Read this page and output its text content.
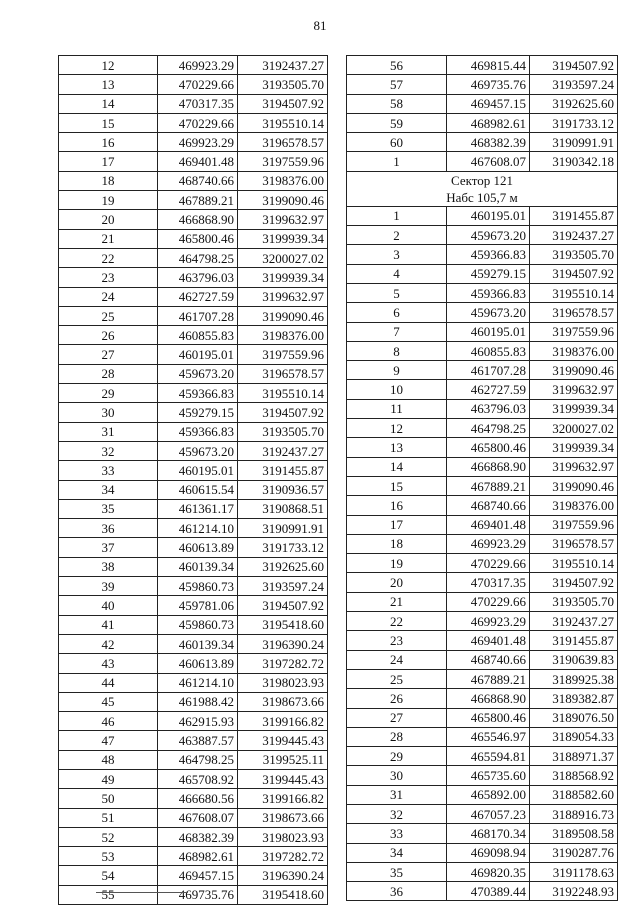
81
12	469923.29	3192437.27
13	470229.66	3193505.70
14	470317.35	3194507.92
15	470229.66	3195510.14
16	469923.29	3196578.57
17	469401.48	3197559.96
18	468740.66	3198376.00
19	467889.21	3199090.46
20	466868.90	3199632.97
21	465800.46	3199939.34
22	464798.25	3200027.02
23	463796.03	3199939.34
24	462727.59	3199632.97
25	461707.28	3199090.46
26	460855.83	3198376.00
27	460195.01	3197559.96
28	459673.20	3196578.57
29	459366.83	3195510.14
30	459279.15	3194507.92
31	459366.83	3193505.70
32	459673.20	3192437.27
33	460195.01	3191455.87
34	460615.54	3190936.57
35	461361.17	3190868.51
36	461214.10	3190991.91
37	460613.89	3191733.12
38	460139.34	3192625.60
39	459860.73	3193597.24
40	459781.06	3194507.92
41	459860.73	3195418.60
42	460139.34	3196390.24
43	460613.89	3197282.72
44	461214.10	3198023.93
45	461988.42	3198673.66
46	462915.93	3199166.82
47	463887.57	3199445.43
48	464798.25	3199525.11
49	465708.92	3199445.43
50	466680.56	3199166.82
51	467608.07	3198673.66
52	468382.39	3198023.93
53	468982.61	3197282.72
54	469457.15	3196390.24
55	469735.76	3195418.60
56	469815.44	3194507.92
57	469735.76	3193597.24
58	469457.15	3192625.60
59	468982.61	3191733.12
60	468382.39	3190991.91
1	467608.07	3190342.18

Сектор 121
Набс 105,7 м		

1	460195.01	3191455.87
2	459673.20	3192437.27
3	459366.83	3193505.70
4	459279.15	3194507.92
5	459366.83	3195510.14
6	459673.20	3196578.57
7	460195.01	3197559.96
8	460855.83	3198376.00
9	461707.28	3199090.46
10	462727.59	3199632.97
11	463796.03	3199939.34
12	464798.25	3200027.02
13	465800.46	3199939.34
14	466868.90	3199632.97
15	467889.21	3199090.46
16	468740.66	3198376.00
17	469401.48	3197559.96
18	469923.29	3196578.57
19	470229.66	3195510.14
20	470317.35	3194507.92
21	470229.66	3193505.70
22	469923.29	3192437.27
23	469401.48	3191455.87
24	468740.66	3190639.83
25	467889.21	3189925.38
26	466868.90	3189382.87
27	465800.46	3189076.50
28	465546.97	3189054.33
29	465594.81	3188971.37
30	465735.60	3188568.92
31	465892.00	3188582.60
32	467057.23	3188916.73
33	468170.34	3189508.58
34	469098.94	3190287.76
35	469820.35	3191178.63
36	470389.44	3192248.93
